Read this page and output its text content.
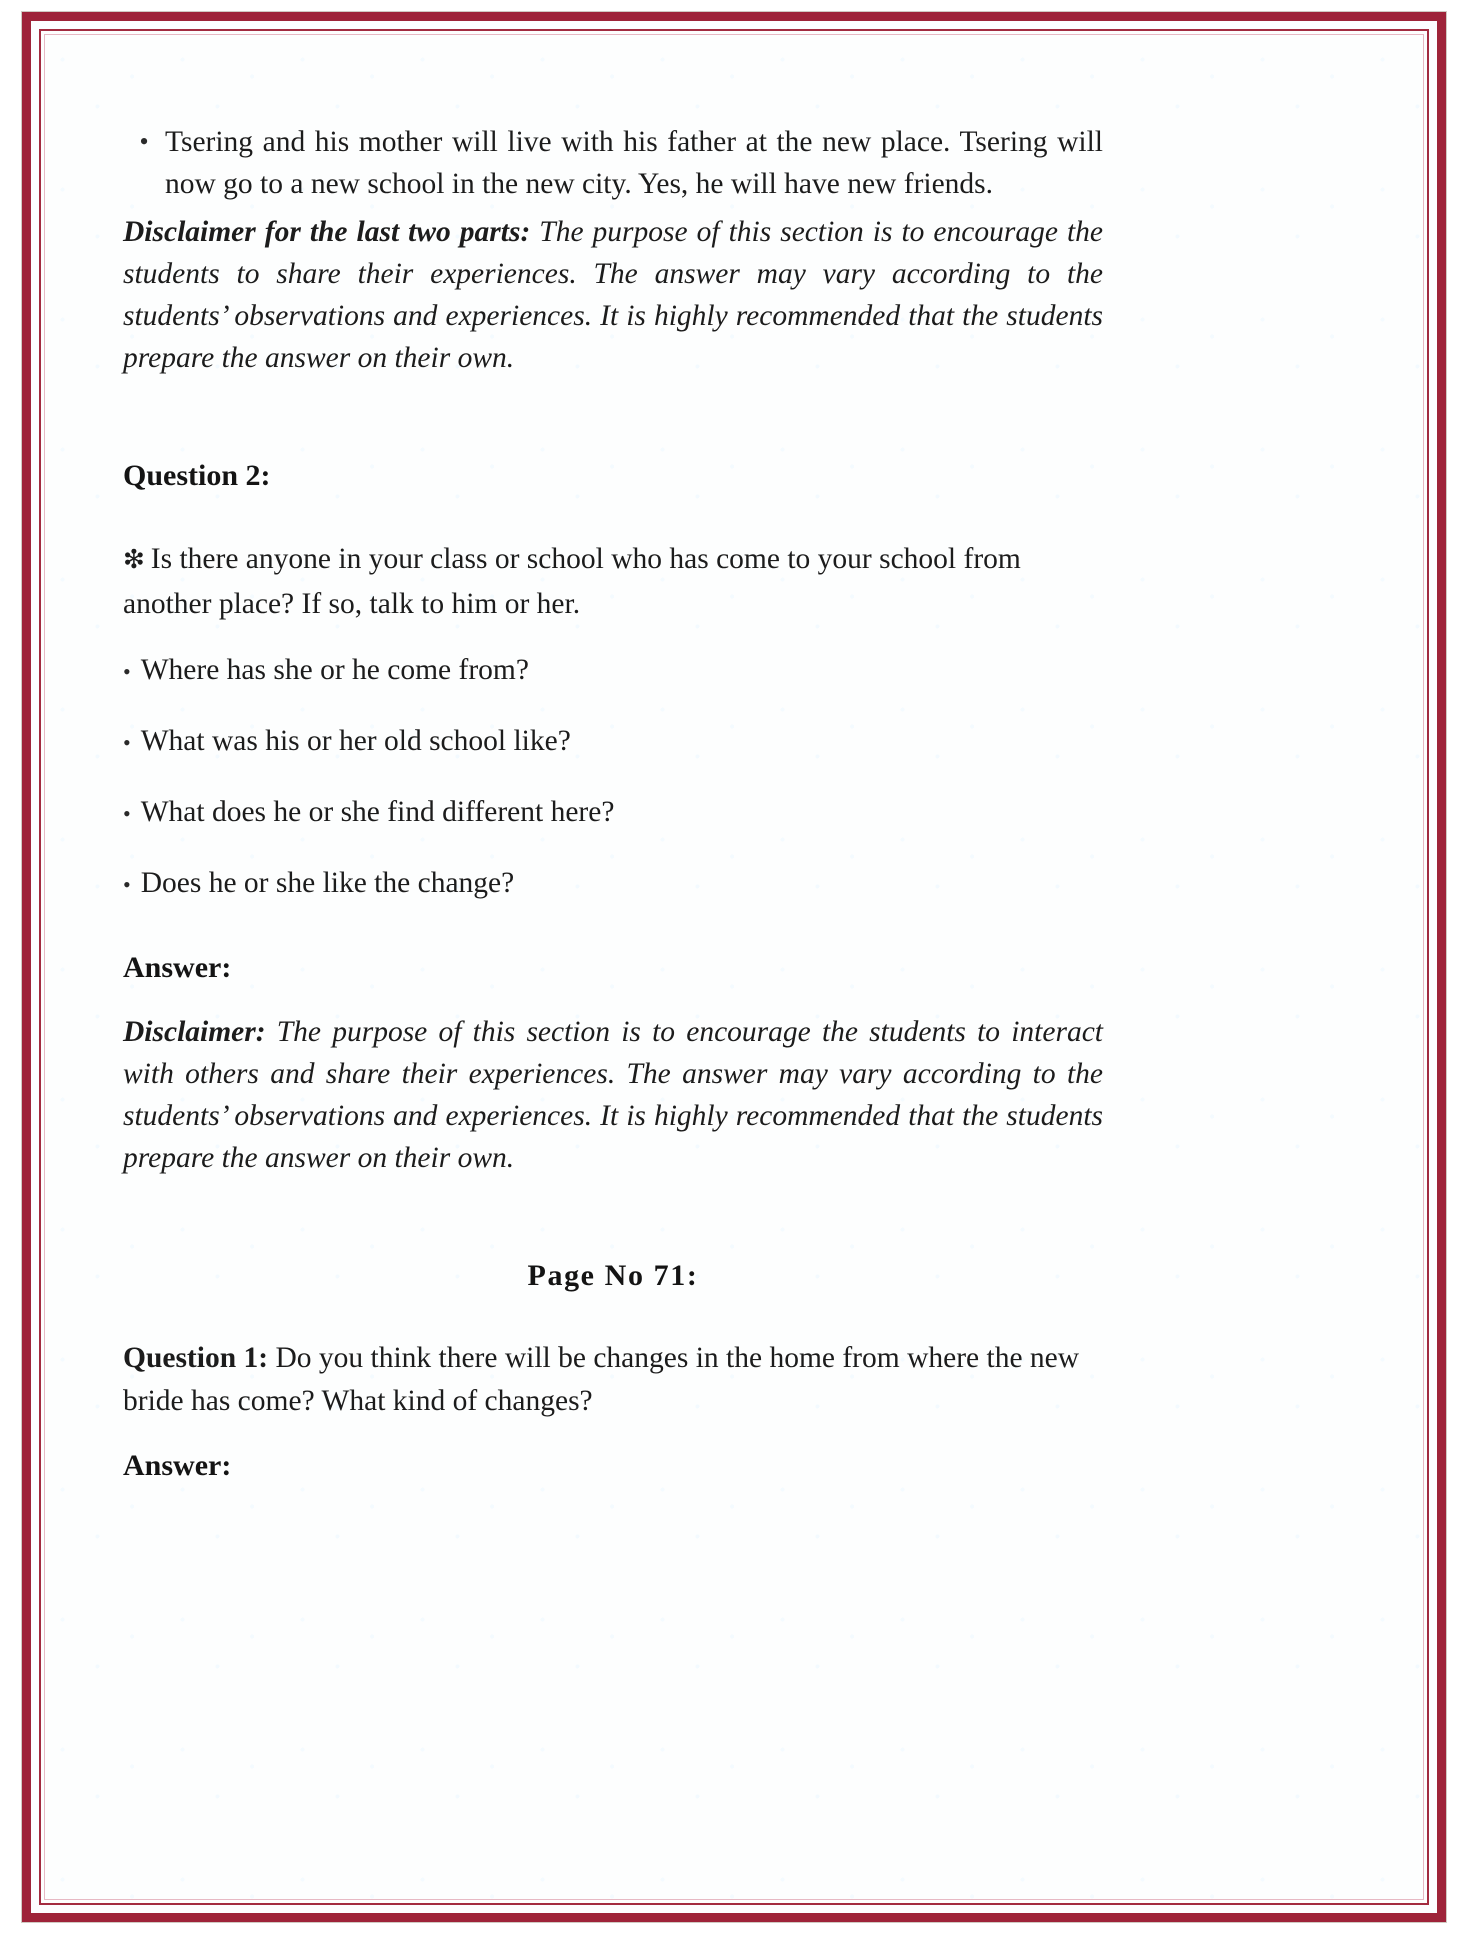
• Tsering and his mother will live with his father at the new place. Tsering will now go to a new school in the new city. Yes, he will have new friends.

Disclaimer for the last two parts: The purpose of this section is to encourage the students to share their experiences. The answer may vary according to the students’ observations and experiences. It is highly recommended that the students prepare the answer on their own.

Question 2:

❇ Is there anyone in your class or school who has come to your school from another place? If so, talk to him or her.

• Where has she or he come from?
• What was his or her old school like?
• What does he or she find different here?
• Does he or she like the change?
Answer:

Disclaimer: The purpose of this section is to encourage the students to interact with others and share their experiences. The answer may vary according to the students’ observations and experiences. It is highly recommended that the students prepare the answer on their own.

Page No 71:

Question 1: Do you think there will be changes in the home from where the new bride has come? What kind of changes?

Answer:
